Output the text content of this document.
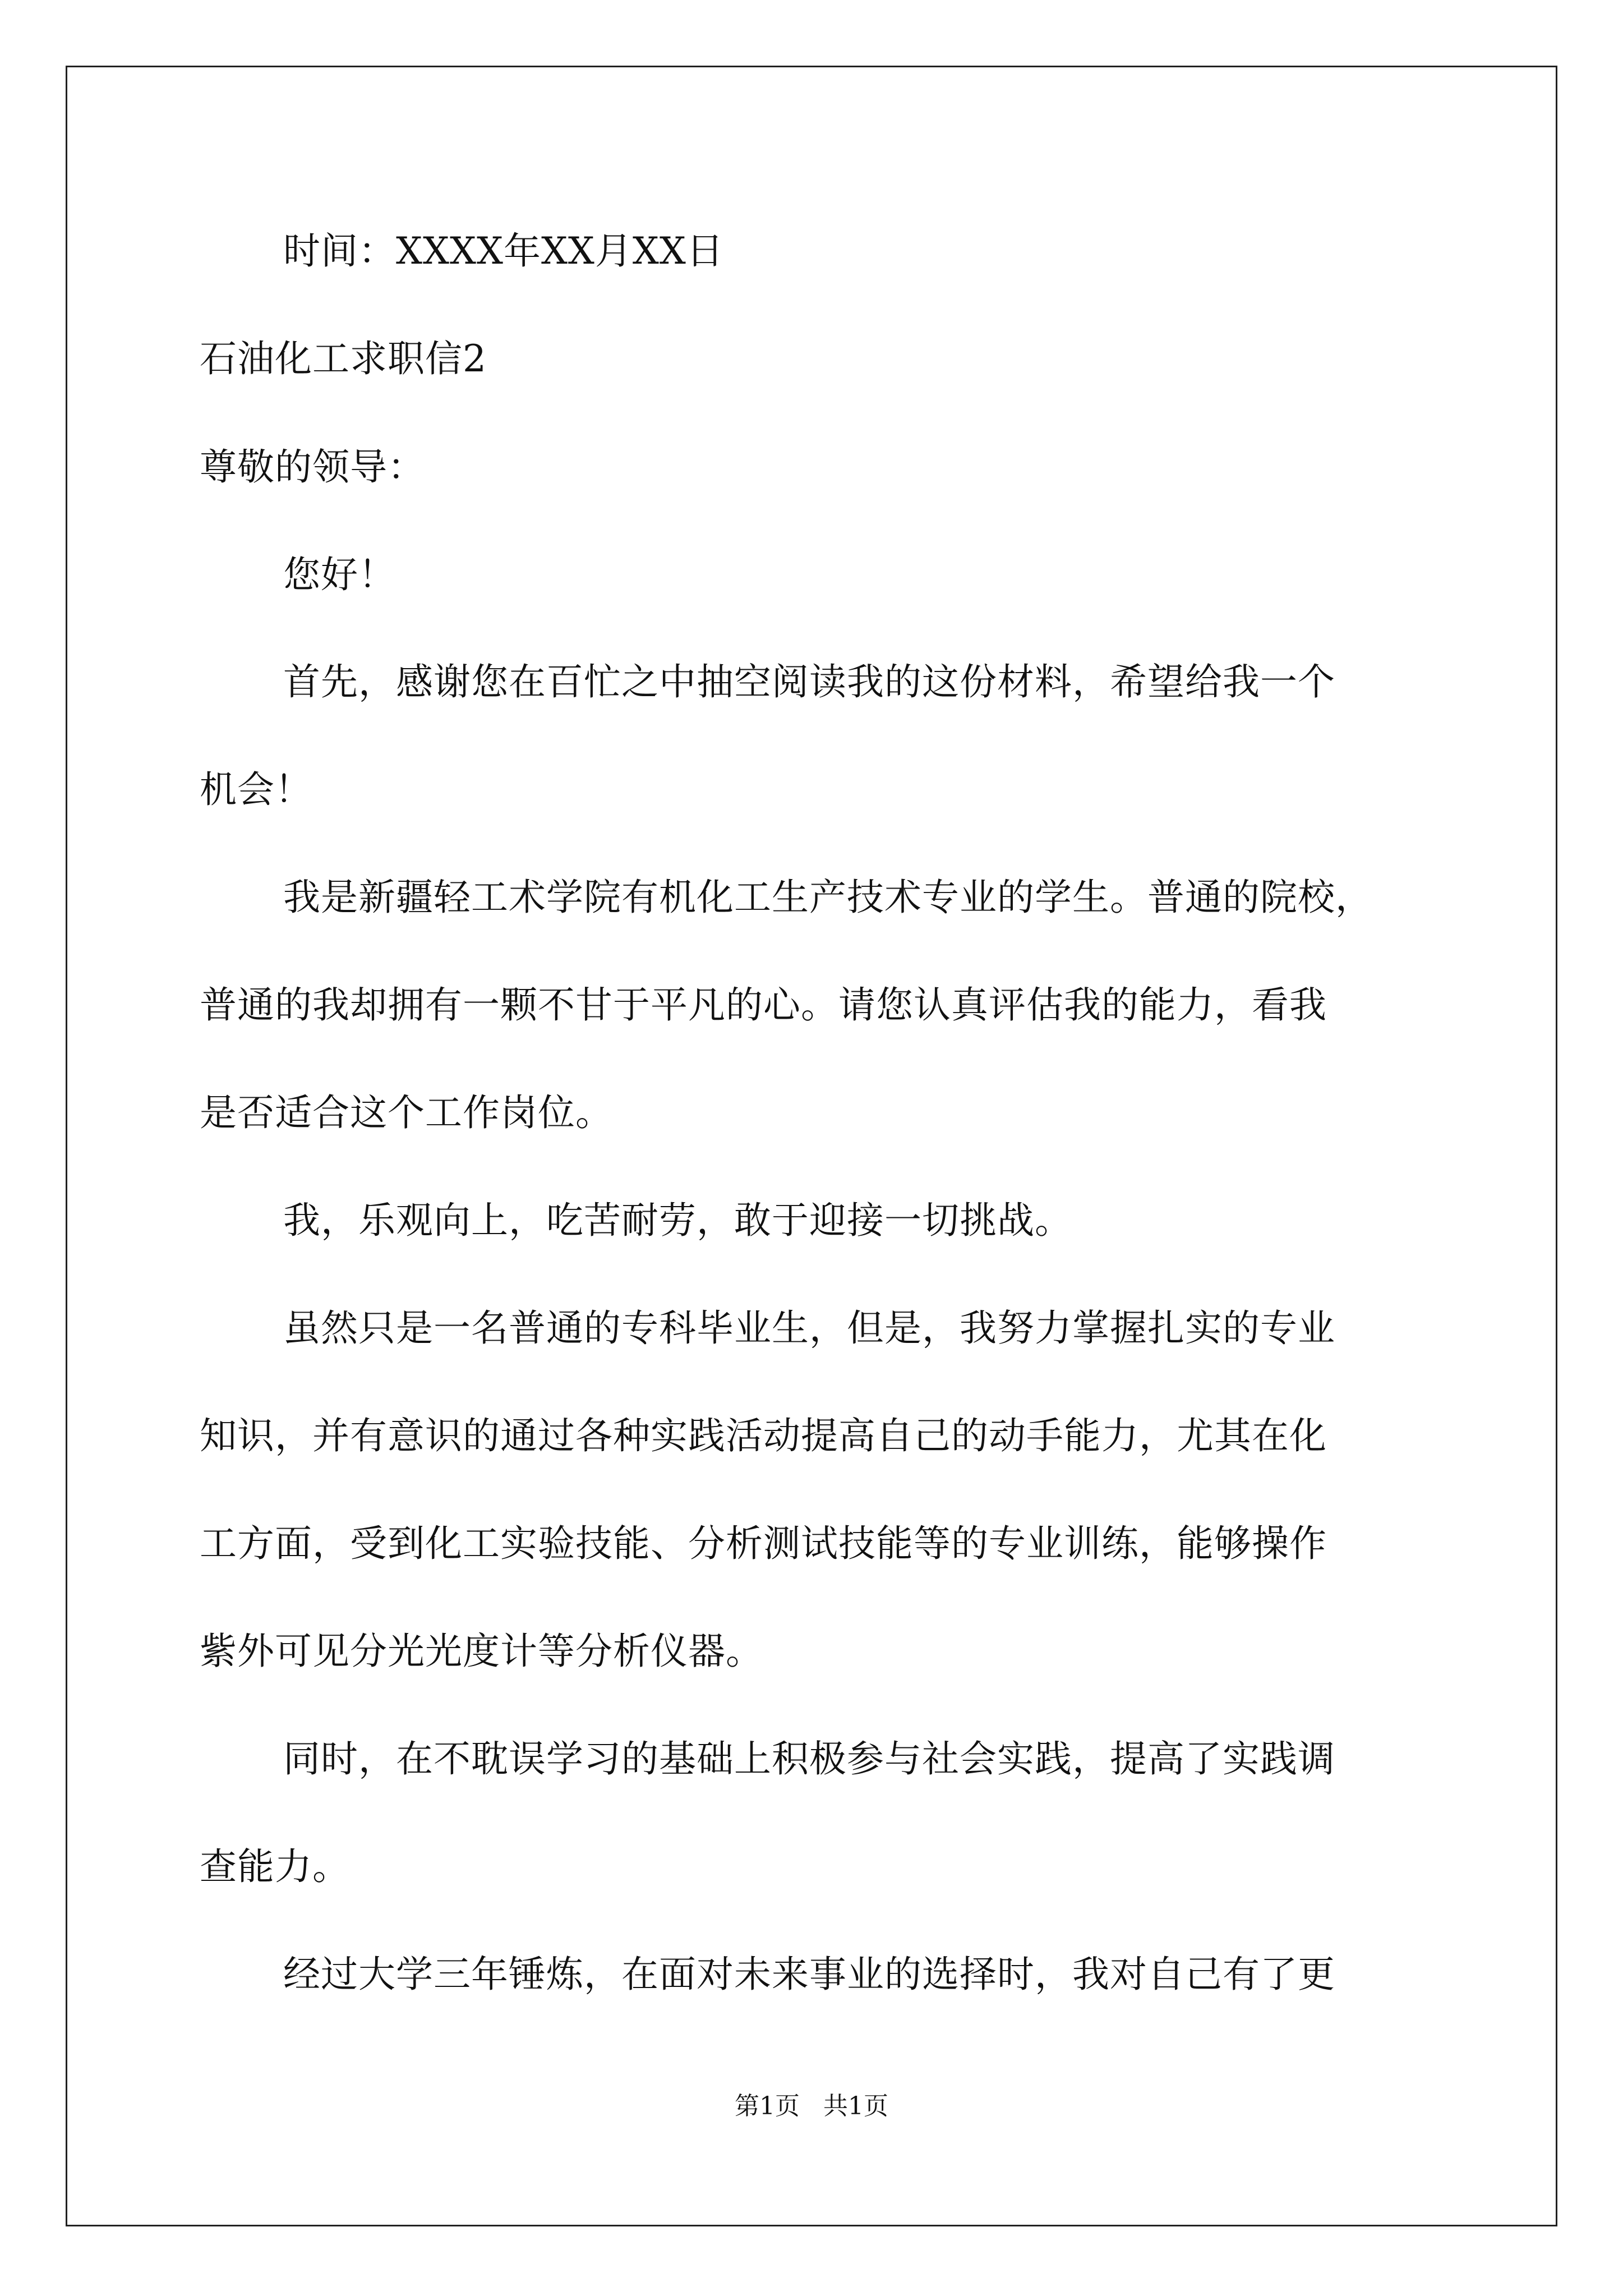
时间：XXXX年XX月XX日
石油化工求职信2
尊敬的领导：
您好！
首先，感谢您在百忙之中抽空阅读我的这份材料，希望给我一个
机会！
我是新疆轻工术学院有机化工生产技术专业的学生。普通的院校，
普通的我却拥有一颗不甘于平凡的心。请您认真评估我的能力，看我
是否适合这个工作岗位。
我，乐观向上，吃苦耐劳，敢于迎接一切挑战。
虽然只是一名普通的专科毕业生，但是，我努力掌握扎实的专业
知识，并有意识的通过各种实践活动提高自己的动手能力，尤其在化
工方面，受到化工实验技能、分析测试技能等的专业训练，能够操作
紫外可见分光光度计等分析仪器。
同时，在不耽误学习的基础上积极参与社会实践，提高了实践调
查能力。
经过大学三年锤炼，在面对未来事业的选择时，我对自己有了更
第1页   共1页
